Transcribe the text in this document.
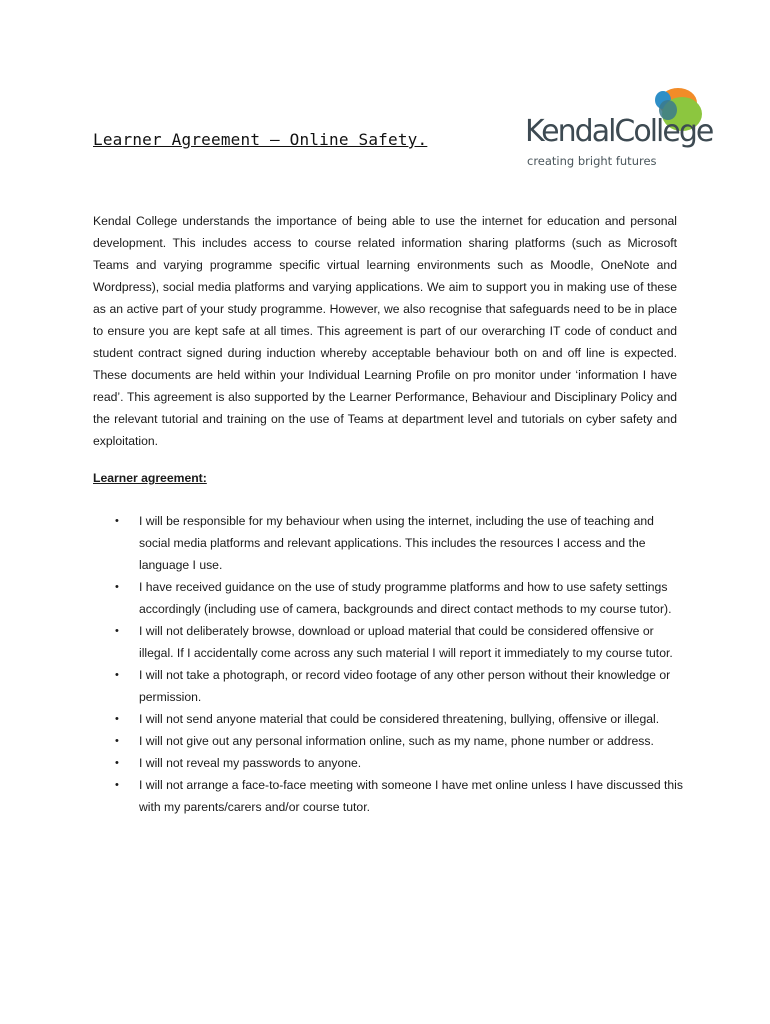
Learner Agreement – Online Safety.	KendalCollege
creating bright futures

Kendal College understands the importance of being able to use the internet for education and personal development. This includes access to course related information sharing platforms (such as Microsoft Teams and varying programme specific virtual learning environments such as Moodle, OneNote and Wordpress), social media platforms and varying applications. We aim to support you in making use of these as an active part of your study programme. However, we also recognise that safeguards need to be in place to ensure you are kept safe at all times. This agreement is part of our overarching IT code of conduct and student contract signed during induction whereby acceptable behaviour both on and off line is expected. These documents are held within your Individual Learning Profile on pro monitor under ‘information I have read’. This agreement is also supported by the Learner Performance, Behaviour and Disciplinary Policy and the relevant tutorial and training on the use of Teams at department level and tutorials on cyber safety and exploitation.

Learner agreement:

• I will be responsible for my behaviour when using the internet, including the use of teaching and social media platforms and relevant applications. This includes the resources I access and the language I use.
• I have received guidance on the use of study programme platforms and how to use safety settings accordingly (including use of camera, backgrounds and direct contact methods to my course tutor).
• I will not deliberately browse, download or upload material that could be considered offensive or illegal. If I accidentally come across any such material I will report it immediately to my course tutor.
• I will not take a photograph, or record video footage of any other person without their knowledge or permission.
• I will not send anyone material that could be considered threatening, bullying, offensive or illegal.
• I will not give out any personal information online, such as my name, phone number or address.
• I will not reveal my passwords to anyone.
• I will not arrange a face-to-face meeting with someone I have met online unless I have discussed this with my parents/carers and/or course tutor.
